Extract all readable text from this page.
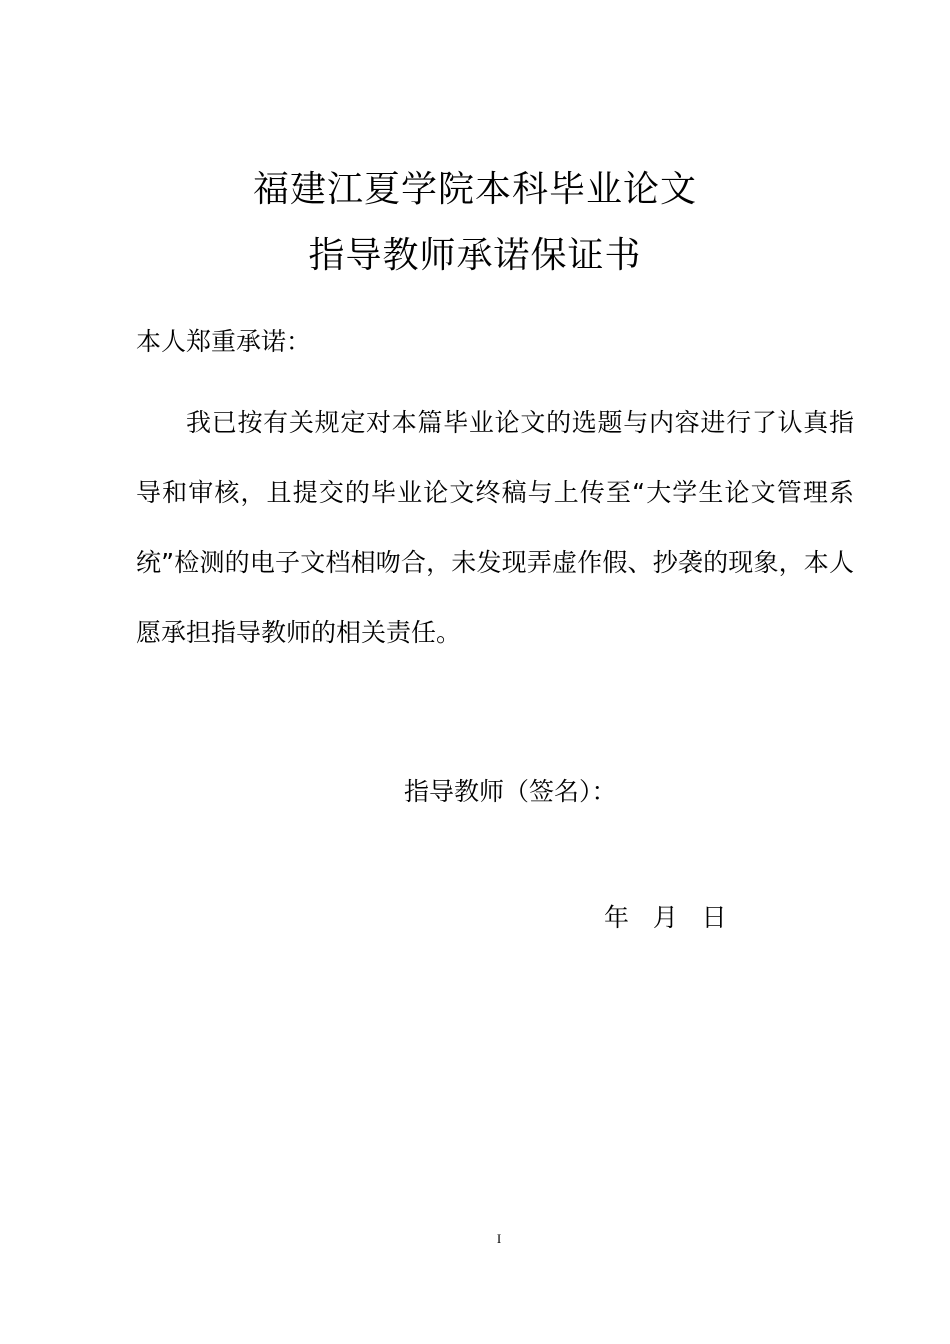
福建江夏学院本科毕业论文
指导教师承诺保证书
本人郑重承诺：
我已按有关规定对本篇毕业论文的选题与内容进行了认真指导和审核，且提交的毕业论文终稿与上传至“大学生论文管理系统”检测的电子文档相吻合，未发现弄虚作假、抄袭的现象，本人愿承担指导教师的相关责任。
指导教师（签名）：
年   月   日
I
